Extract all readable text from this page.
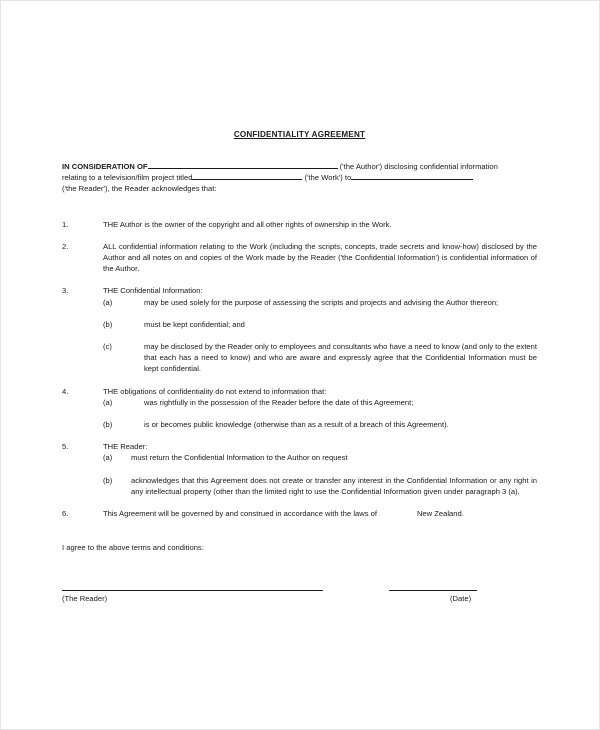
CONFIDENTIALITY AGREEMENT
IN CONSIDERATION OF	('the Author') disclosing confidential information
relating to a television/film project titled	('the Work') to
('the Reader'), the Reader acknowledges that:
1.	THE Author is the owner of the copyright and all other rights of ownership in the Work.
2.	ALL confidential information relating to the Work (including the scripts, concepts, trade secrets and know-how) disclosed by the Author and all notes on and copies of the Work made by the Reader ('the Confidential Information') is confidential information of the Author.
3.	THE Confidential Information:
(a)	may be used solely for the purpose of assessing the scripts and projects and advising the Author thereon;
(b)	must be kept confidential; and
(c)	may be disclosed by the Reader only to employees and consultants who have a need to know (and only to the extent that each has a need to know) and who are aware and expressly agree that the Confidential Information must be kept confidential.
4.	THE obligations of confidentiality do not extend to information that:
(a)	was rightfully in the possession of the Reader before the date of this Agreement;
(b)	is or becomes public knowledge (otherwise than as a result of a breach of this Agreement).
5.	THE Reader:
(a)	must return the Confidential Information to the Author on request
(b)	acknowledges that this Agreement does not create or transfer any interest in the Confidential Information or any right in any intellectual property (other than the limited right to use the Confidential Information given under paragraph 3 (a).
6.	This Agreement will be governed by and construed in accordance with the laws of	New Zealand.
I agree to the above terms and conditions:
(The Reader)	(Date)
